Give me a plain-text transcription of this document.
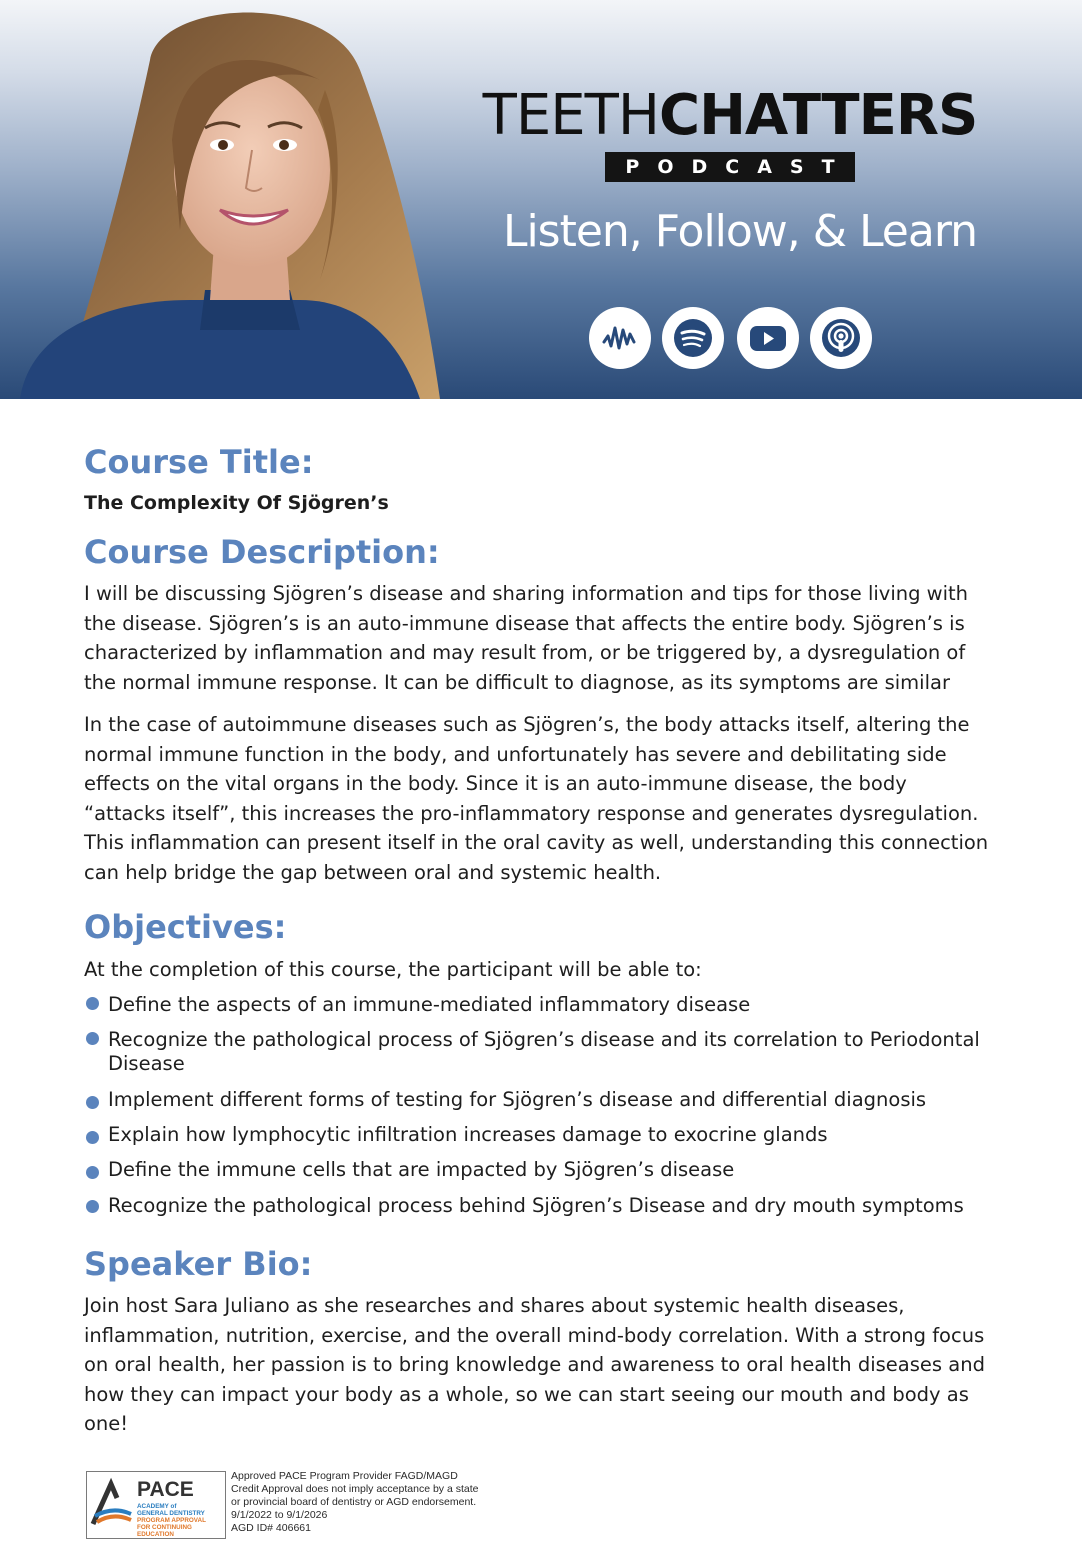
TEETHCHATTERS
PODCAST
Listen, Follow, & Learn
Course Title:
The Complexity Of Sjögren’s
Course Description:

I will be discussing Sjögren’s disease and sharing information and tips for those living with the disease. Sjögren’s is an auto-immune disease that affects the entire body. Sjögren’s is characterized by inflammation and may result from, or be triggered by, a dysregulation of the normal immune response. It can be difficult to diagnose, as its symptoms are similar

In the case of autoimmune diseases such as Sjögren’s, the body attacks itself, altering the normal immune function in the body, and unfortunately has severe and debilitating side effects on the vital organs in the body. Since it is an auto-immune disease, the body “attacks itself”, this increases the pro-inflammatory response and generates dysregulation. This inflammation can present itself in the oral cavity as well, understanding this connection can help bridge the gap between oral and systemic health.

Objectives:

At the completion of this course, the participant will be able to:

Define the aspects of an immune-mediated inflammatory disease
Recognize the pathological process of Sjögren’s disease and its correlation to Periodontal Disease
Implement different forms of testing for Sjögren’s disease and differential diagnosis
Explain how lymphocytic infiltration increases damage to exocrine glands
Define the immune cells that are impacted by Sjögren’s disease
Recognize the pathological process behind Sjögren’s Disease and dry mouth symptoms
Speaker Bio:

Join host Sara Juliano as she researches and shares about systemic health diseases, inflammation, nutrition, exercise, and the overall mind-body correlation. With a strong focus on oral health, her passion is to bring knowledge and awareness to oral health diseases and how they can impact your body as a whole, so we can start seeing our mouth and body as one!

PACE
ACADEMY of
GENERAL DENTISTRY
PROGRAM APPROVAL
FOR CONTINUING
EDUCATION
Approved PACE Program Provider FAGD/MAGD
Credit Approval does not imply acceptance by a state
or provincial board of dentistry or AGD endorsement.
9/1/2022 to 9/1/2026
AGD ID# 406661
